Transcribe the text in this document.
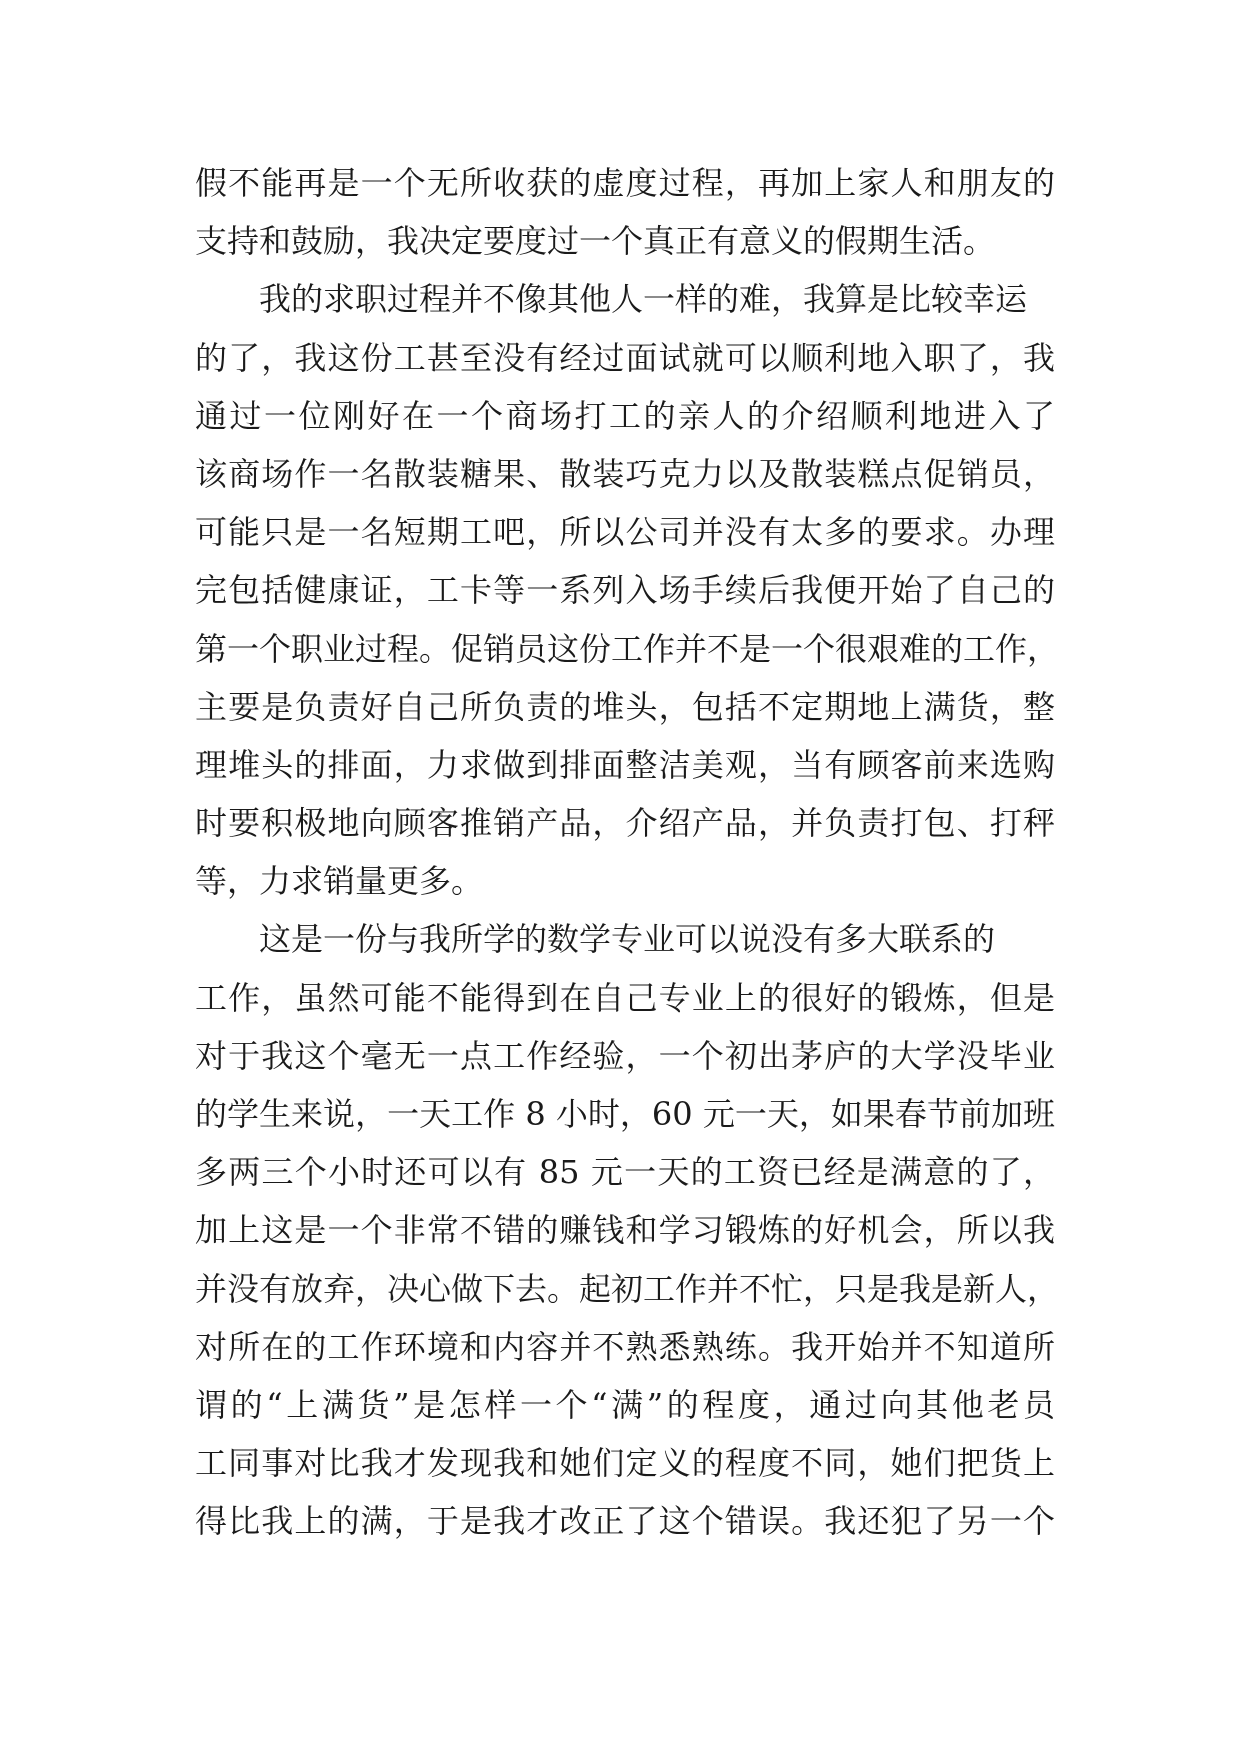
假不能再是一个无所收获的虚度过程，再加上家人和朋友的
支持和鼓励，我决定要度过一个真正有意义的假期生活。
我的求职过程并不像其他人一样的难，我算是比较幸运
的了，我这份工甚至没有经过面试就可以顺利地入职了，我
通过一位刚好在一个商场打工的亲人的介绍顺利地进入了
该商场作一名散装糖果、散装巧克力以及散装糕点促销员，
可能只是一名短期工吧，所以公司并没有太多的要求。办理
完包括健康证，工卡等一系列入场手续后我便开始了自己的
第一个职业过程。促销员这份工作并不是一个很艰难的工作，
主要是负责好自己所负责的堆头，包括不定期地上满货，整
理堆头的排面，力求做到排面整洁美观，当有顾客前来选购
时要积极地向顾客推销产品，介绍产品，并负责打包、打秤
等，力求销量更多。
这是一份与我所学的数学专业可以说没有多大联系的
工作，虽然可能不能得到在自己专业上的很好的锻炼，但是
对于我这个毫无一点工作经验，一个初出茅庐的大学没毕业
的学生来说，一天工作 8 小时，60 元一天，如果春节前加班
多两三个小时还可以有 85 元一天的工资已经是满意的了，
加上这是一个非常不错的赚钱和学习锻炼的好机会，所以我
并没有放弃，决心做下去。起初工作并不忙，只是我是新人，
对所在的工作环境和内容并不熟悉熟练。我开始并不知道所
谓的“上满货”是怎样一个“满”的程度，通过向其他老员
工同事对比我才发现我和她们定义的程度不同，她们把货上
得比我上的满，于是我才改正了这个错误。我还犯了另一个
